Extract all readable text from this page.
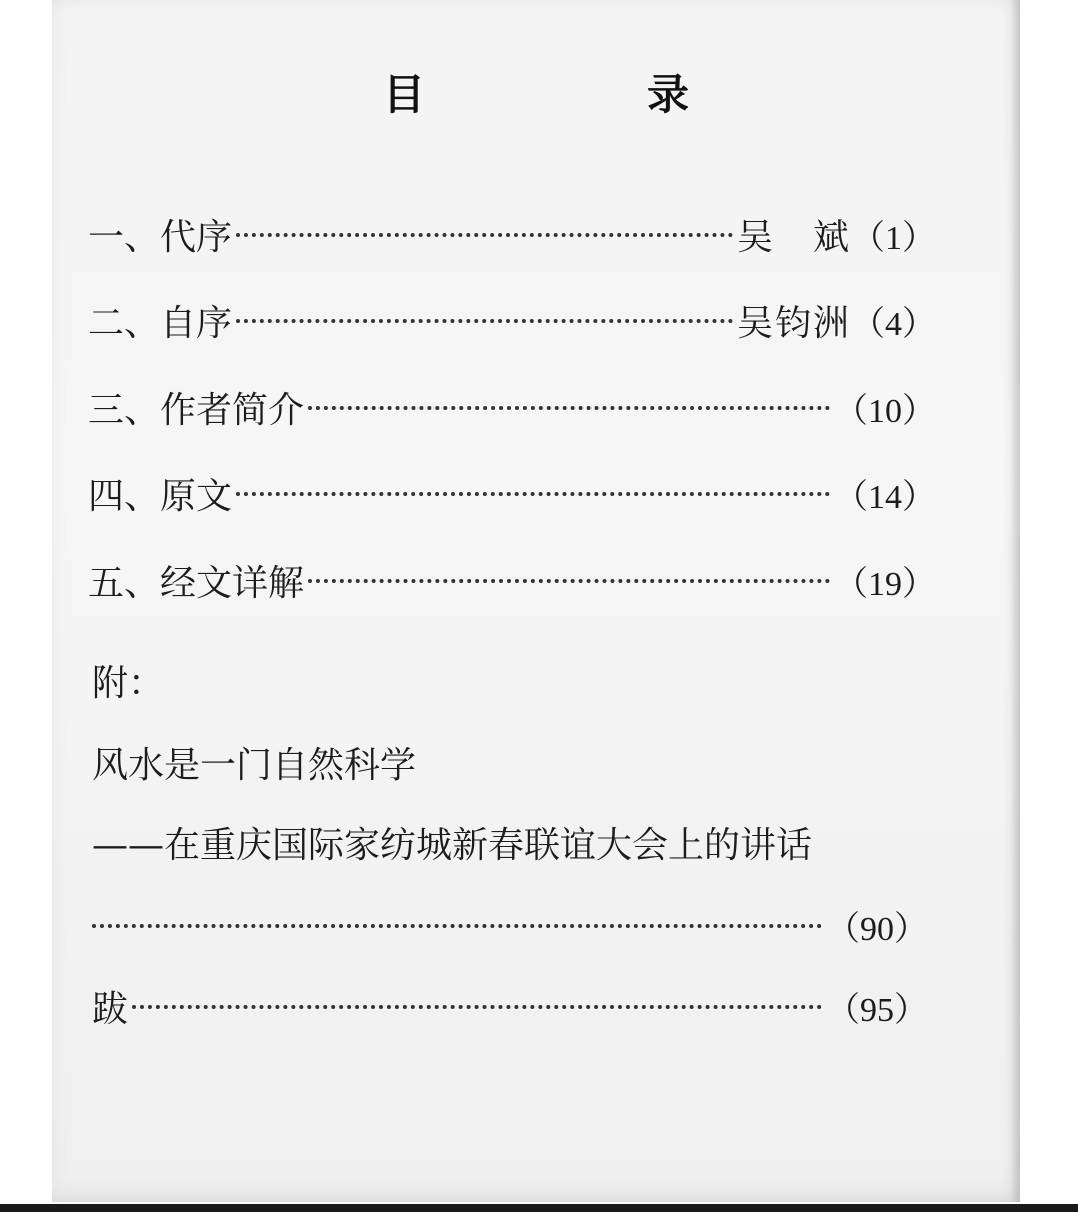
目　录
一、代序	吴　斌 （1）
二、自序	吴钧洲 （4）
三、作者简介	（10）
四、原文	（14）
五、经文详解	（19）
附：
风水是一门自然科学
——在重庆国际家纺城新春联谊大会上的讲话
（90）
跋	（95）
